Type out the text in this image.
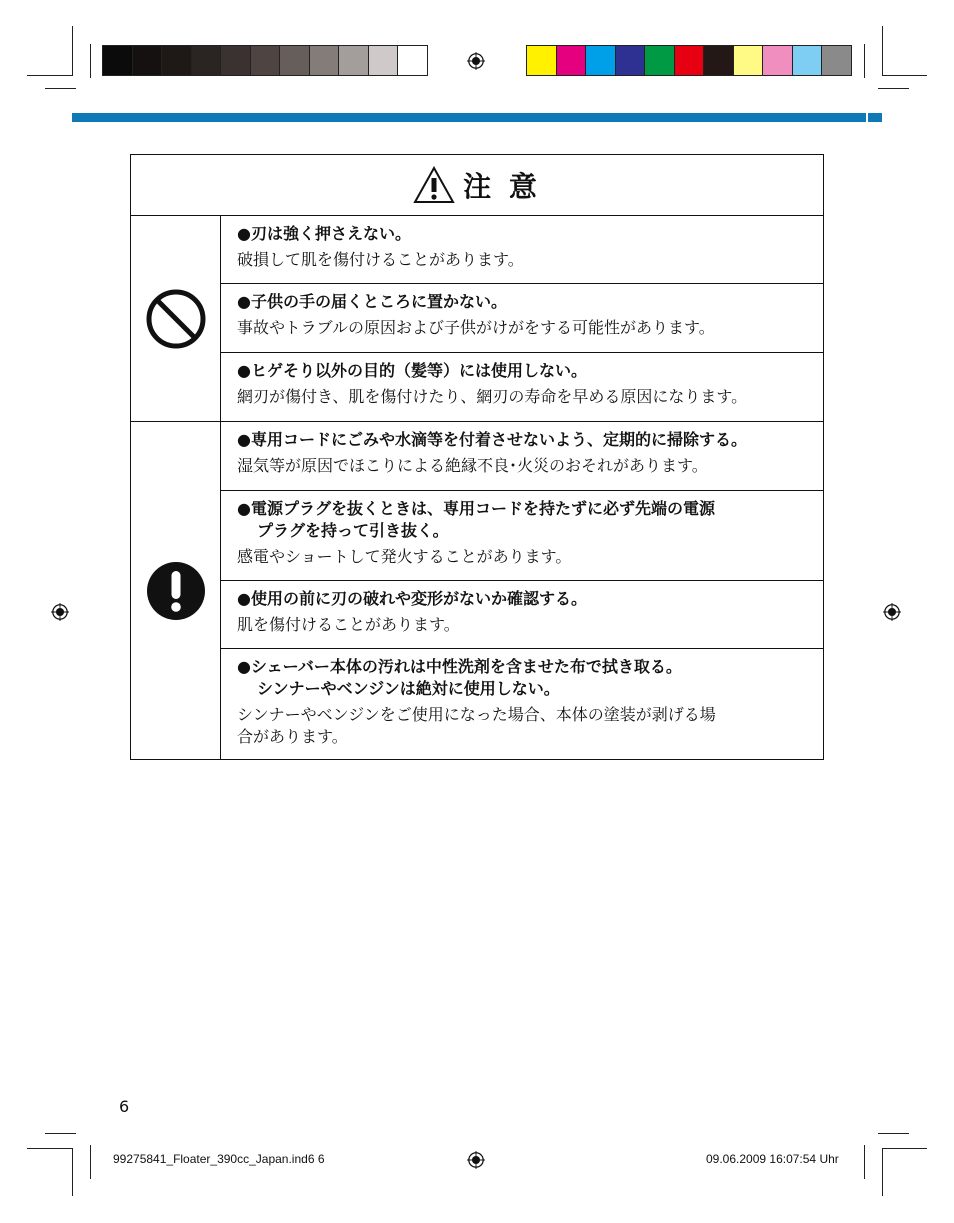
注 意
●刃は強く押さえない。
破損して肌を傷付けることがあります。
●子供の手の届くところに置かない。
事故やトラブルの原因および子供がけがをする可能性があります。
●ヒゲそり以外の目的（髪等）には使用しない。
網刃が傷付き、肌を傷付けたり、網刃の寿命を早める原因になります。
●専用コードにごみや水滴等を付着させないよう、定期的に掃除する。
湿気等が原因でほこりによる絶縁不良･火災のおそれがあります。
●電源プラグを抜くときは、専用コードを持たずに必ず先端の電源
プラグを持って引き抜く。
感電やショートして発火することがあります。
●使用の前に刃の破れや変形がないか確認する。
肌を傷付けることがあります。
●シェーバー本体の汚れは中性洗剤を含ませた布で拭き取る。
シンナーやベンジンは絶対に使用しない。
シンナーやベンジンをご使用になった場合、本体の塗装が剥げる場
合があります。
6
99275841_Floater_390cc_Japan.ind6 6	09.06.2009 16:07:54 Uhr
